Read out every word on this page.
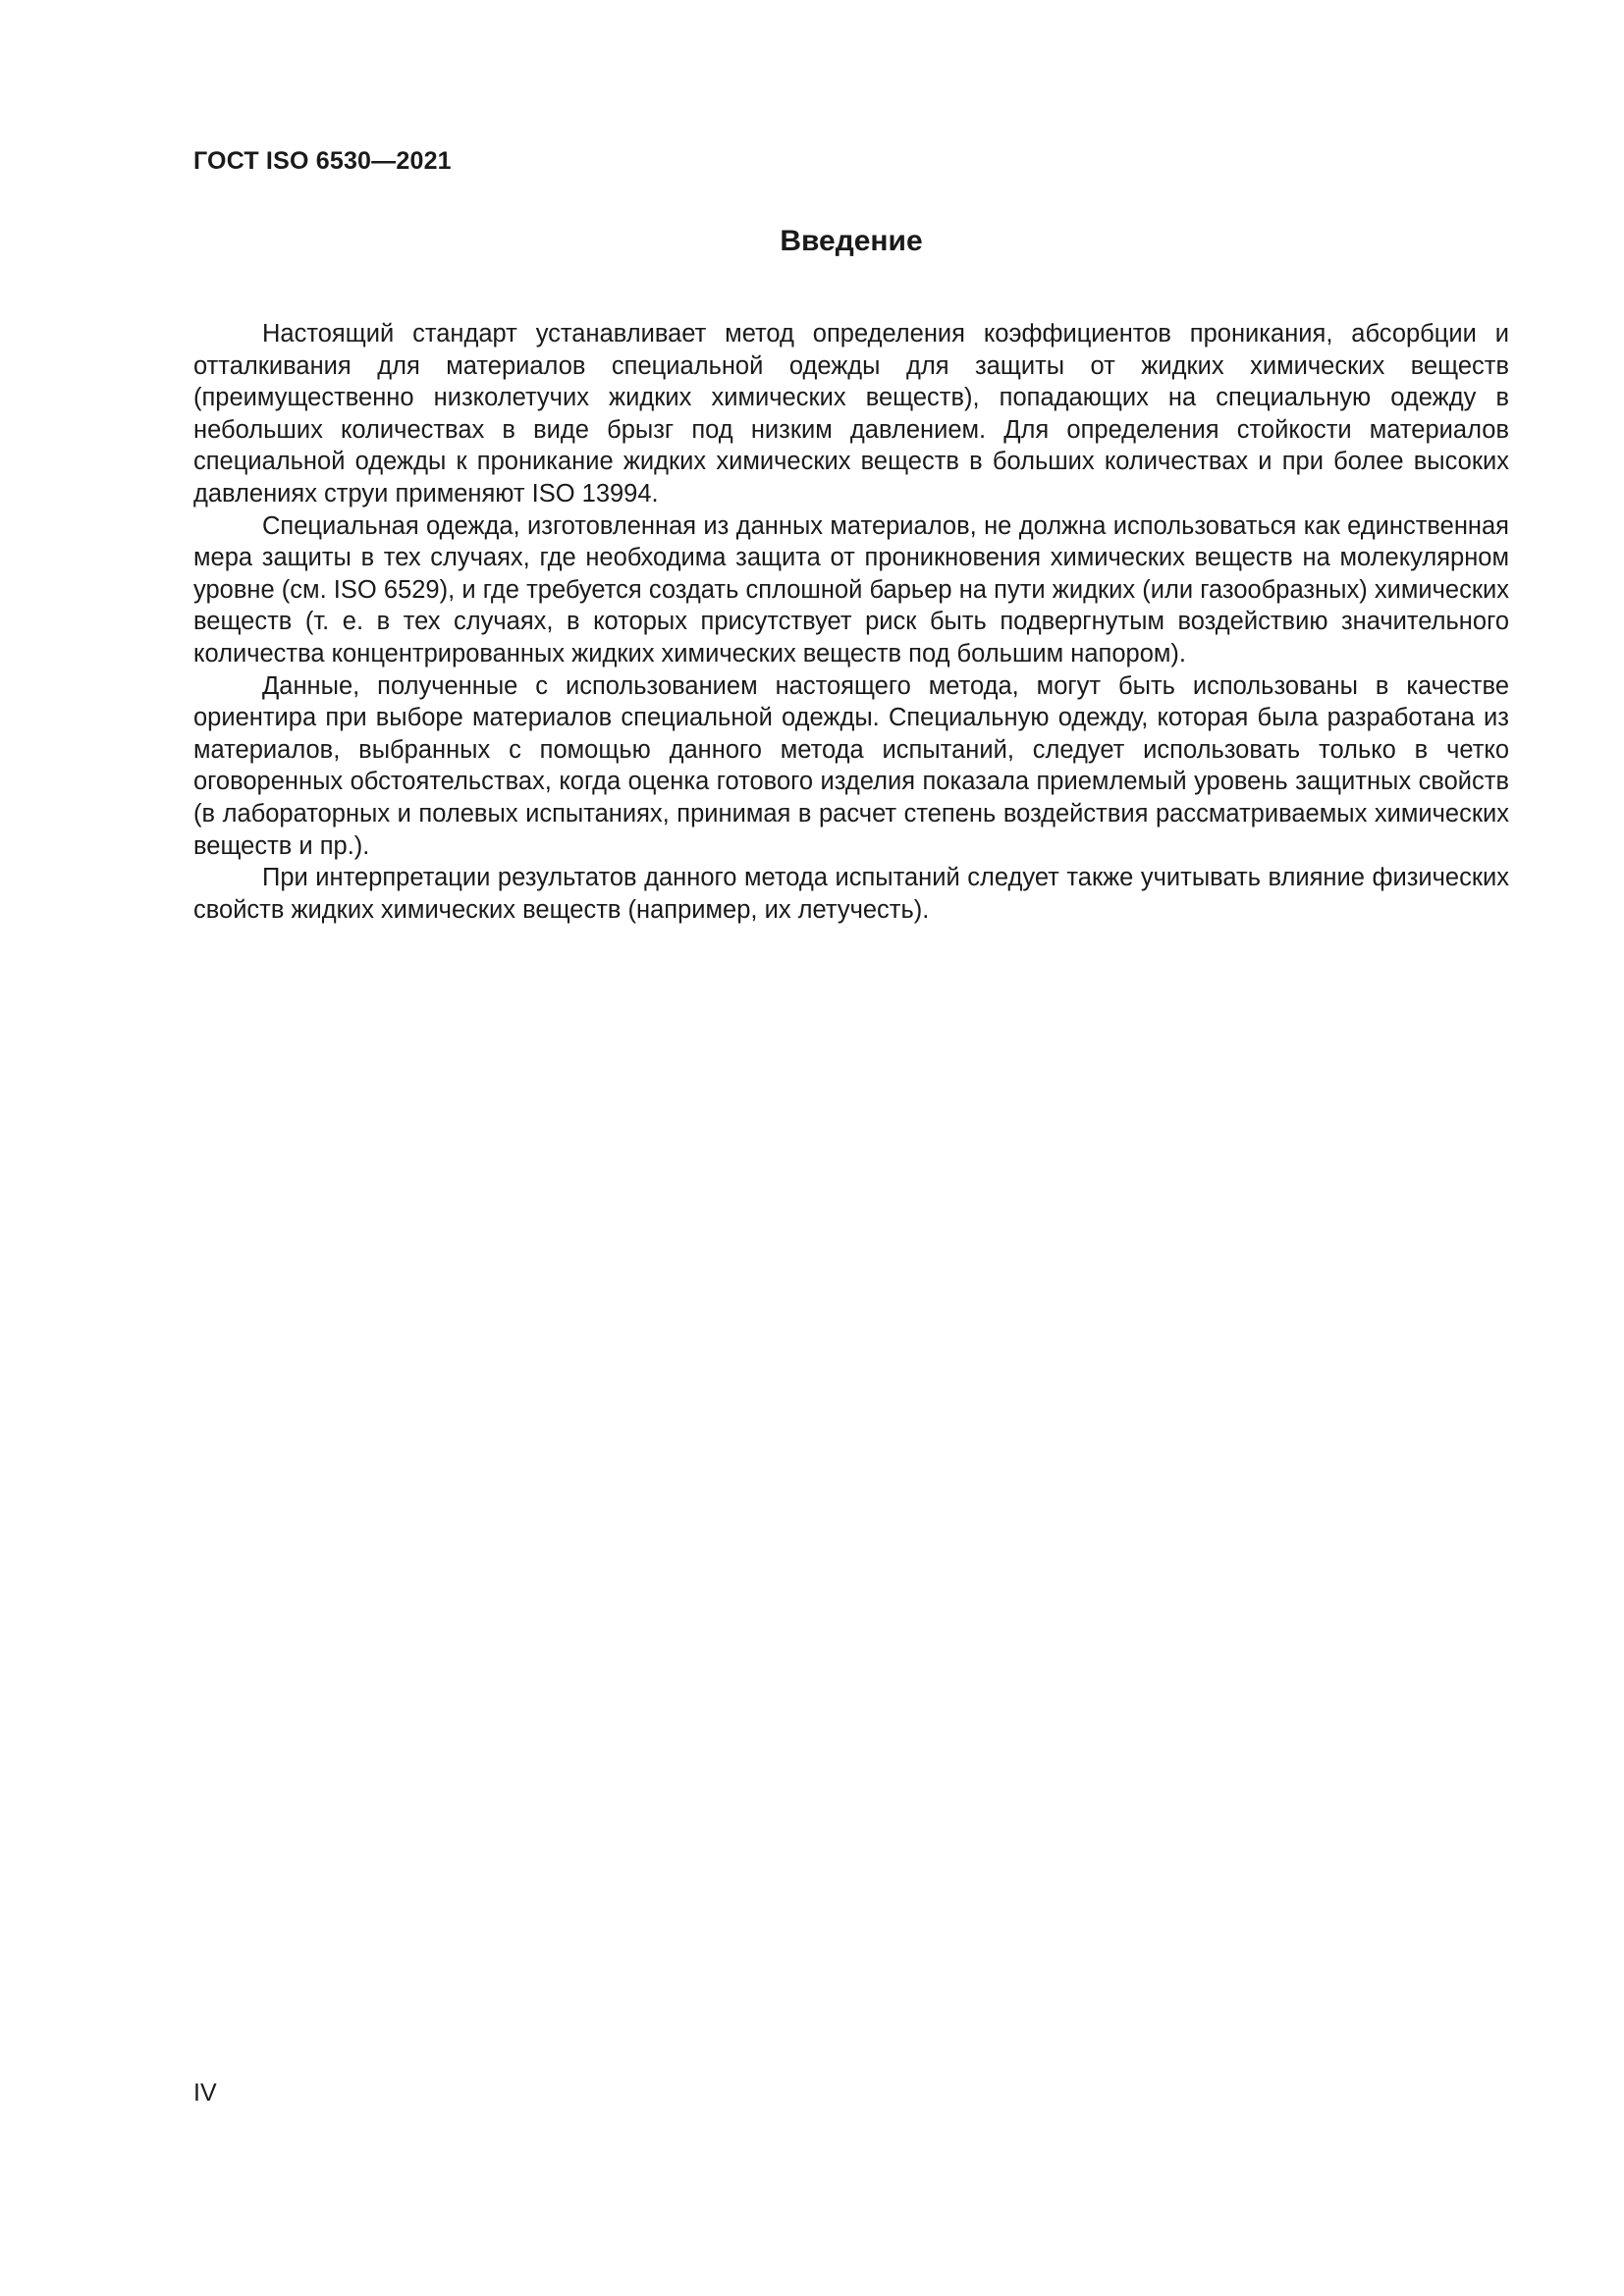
ГОСТ ISO 6530—2021
Введение

Настоящий стандарт устанавливает метод определения коэффициентов проникания, абсорбции и отталкивания для материалов специальной одежды для защиты от жидких химических веществ (преимущественно низколетучих жидких химических веществ), попадающих на специальную одежду в небольших количествах в виде брызг под низким давлением. Для определения стойкости материалов специальной одежды к проникание жидких химических веществ в больших количествах и при более высоких давлениях струи применяют ISO 13994.

Специальная одежда, изготовленная из данных материалов, не должна использоваться как единственная мера защиты в тех случаях, где необходима защита от проникновения химических веществ на молекулярном уровне (см. ISO 6529), и где требуется создать сплошной барьер на пути жидких (или газообразных) химических веществ (т. е. в тех случаях, в которых присутствует риск быть подвергнутым воздействию значительного количества концентрированных жидких химических веществ под большим напором).

Данные, полученные с использованием настоящего метода, могут быть использованы в качестве ориентира при выборе материалов специальной одежды. Специальную одежду, которая была разработана из материалов, выбранных с помощью данного метода испытаний, следует использовать только в четко оговоренных обстоятельствах, когда оценка готового изделия показала приемлемый уровень защитных свойств (в лабораторных и полевых испытаниях, принимая в расчет степень воздействия рассматриваемых химических веществ и пр.).

При интерпретации результатов данного метода испытаний следует также учитывать влияние физических свойств жидких химических веществ (например, их летучесть).

IV
